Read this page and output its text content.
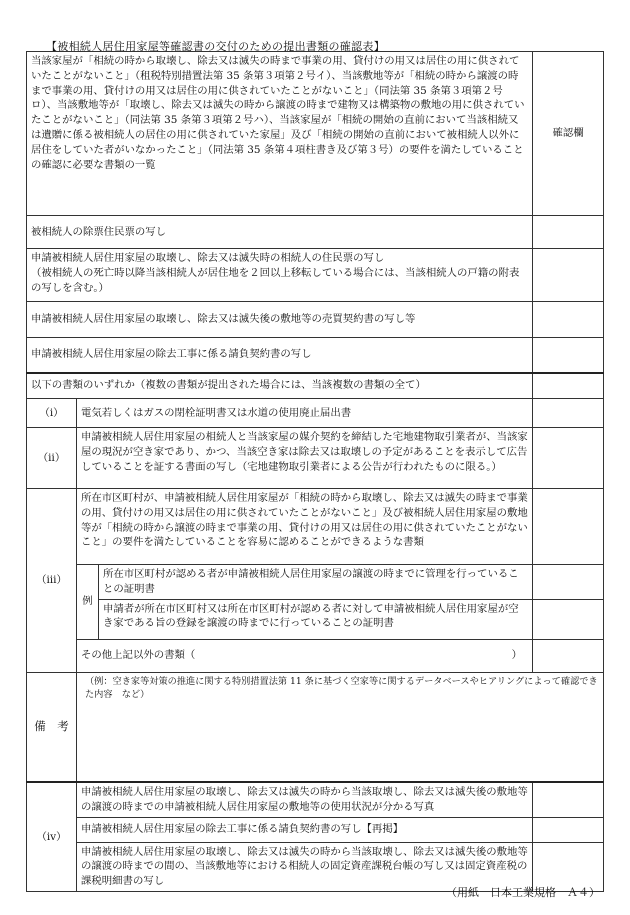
【被相続人居住用家屋等確認書の交付のための提出書類の確認表】
当該家屋が「相続の時から取壊し、除去又は滅失の時まで事業の用、貸付けの用又は居住の用に供されていたことがないこと」（租税特別措置法第 35 条第３項第２号イ）、当該敷地等が「相続の時から譲渡の時まで事業の用、貸付けの用又は居住の用に供されていたことがないこと」（同法第 35 条第３項第２号ロ）、当該敷地等が「取壊し、除去又は滅失の時から譲渡の時まで建物又は構築物の敷地の用に供されていたことがないこと」（同法第 35 条第３項第２号ハ）、当該家屋が「相続の開始の直前において当該相続又は遺贈に係る被相続人の居住の用に供されていた家屋」及び「相続の開始の直前において被相続人以外に居住をしていた者がいなかったこと」（同法第 35 条第４項柱書き及び第３号）の要件を満たしていることの確認に必要な書類の一覧			確認欄
被相続人の除票住民票の写し			

申請被相続人居住用家屋の取壊し、除去又は滅失時の相続人の住民票の写し
（被相続人の死亡時以降当該相続人が居住地を２回以上移転している場合には、当該相続人の戸籍の附表の写しを含む。）			

申請被相続人居住用家屋の取壊し、除去又は滅失後の敷地等の売買契約書の写し等			
申請被相続人居住用家屋の除去工事に係る請負契約書の写し			
以下の書類のいずれか（複数の書類が提出された場合には、当該複数の書類の全て）			
（ⅰ）	電気若しくはガスの閉栓証明書又は水道の使用廃止届出書		
（ⅱ）	申請被相続人居住用家屋の相続人と当該家屋の媒介契約を締結した宅地建物取引業者が、当該家屋の現況が空き家であり、かつ、当該空き家は除去又は取壊しの予定があることを表示して広告していることを証する書面の写し（宅地建物取引業者による公告が行われたものに限る。）		
（ⅲ）	所在市区町村が、申請被相続人居住用家屋が「相続の時から取壊し、除去又は滅失の時まで事業の用、貸付けの用又は居住の用に供されていたことがないこと」及び被相続人居住用家屋の敷地等が「相続の時から譲渡の時まで事業の用、貸付けの用又は居住の用に供されていたことがないこと」の要件を満たしていることを容易に認めることができるような書類		
	例	所在市区町村が認める者が申請被相続人居住用家屋の譲渡の時までに管理を行っていることの証明書	
		申請者が所在市区町村又は所在市区町村が認める者に対して申請被相続人居住用家屋が空き家である旨の登録を譲渡の時までに行っていることの証明書	

	その他上記以外の書類（ ）		

備　考	（例：空き家等対策の推進に関する特別措置法第 11 条に基づく空家等に関するデータベースやヒアリングによって確認できた内容　など）		
（ⅳ）	申請被相続人居住用家屋の取壊し、除去又は滅失の時から当該取壊し、除去又は滅失後の敷地等の譲渡の時までの申請被相続人居住用家屋の敷地等の使用状況が分かる写真		
	申請被相続人居住用家屋の除去工事に係る請負契約書の写し【再掲】		
	申請被相続人居住用家屋の取壊し、除去又は滅失の時から当該取壊し、除去又は滅失後の敷地等の譲渡の時までの間の、当該敷地等における相続人の固定資産課税台帳の写し又は固定資産税の課税明細書の写し		
（用紙　日本工業規格　Ａ４）
